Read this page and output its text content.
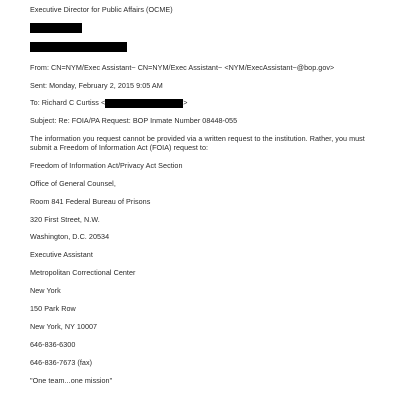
Executive Director for Public Affairs (OCME)
From: CN=NYM/Exec Assistant~ CN=NYM/Exec Assistant~ <NYM/ExecAssistant~@bop.gov>
Sent: Monday, February 2, 2015 9:05 AM
To: Richard C Curtiss <	>
Subject: Re: FOIA/PA Request: BOP Inmate Number 08448-055
The information you request cannot be provided via a written request to the institution. Rather, you must submit a Freedom of Information Act (FOIA) request to:
Freedom of Information Act/Privacy Act Section
Office of General Counsel,
Room 841 Federal Bureau of Prisons
320 First Street, N.W.
Washington, D.C. 20534
Executive Assistant
Metropolitan Correctional Center
New York
150 Park Row
New York, NY 10007
646-836-6300
646-836-7673 (fax)
"One team...one mission"
